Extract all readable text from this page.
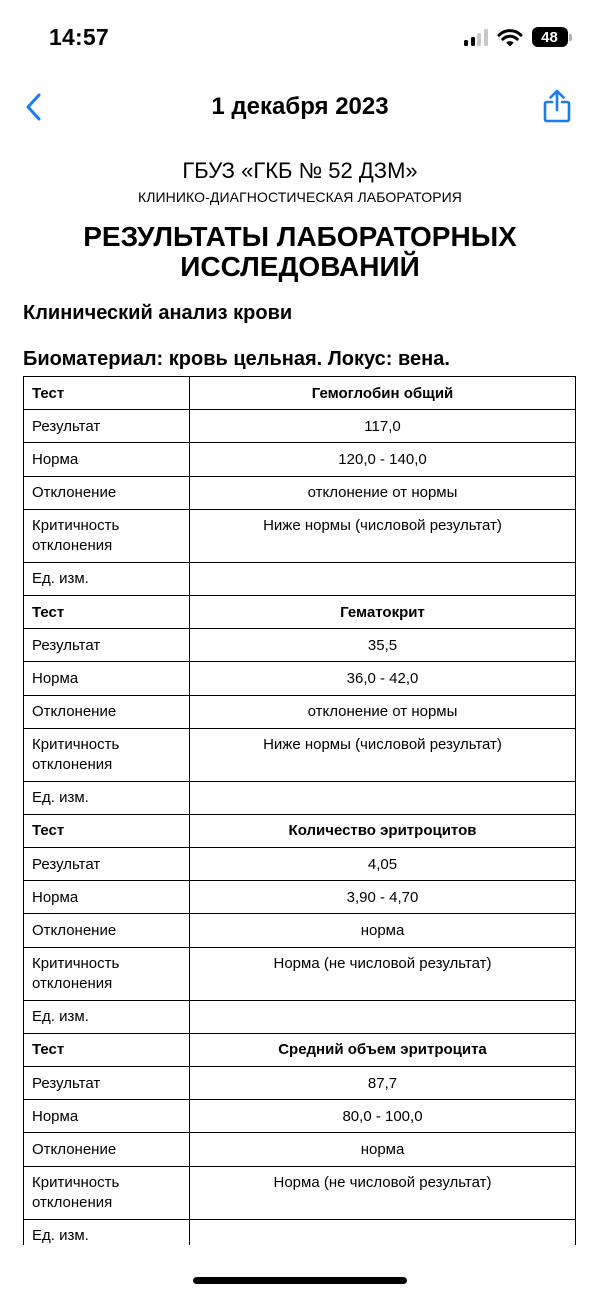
14:57	48
1 декабря 2023
ГБУЗ «ГКБ № 52 ДЗМ»
КЛИНИКО-ДИАГНОСТИЧЕСКАЯ ЛАБОРАТОРИЯ
РЕЗУЛЬТАТЫ ЛАБОРАТОРНЫХ ИССЛЕДОВАНИЙ
Клинический анализ крови
Биоматериал: кровь цельная. Локус: вена.
Тест	Гемоглобин общий
Результат	117,0
Норма	120,0 - 140,0
Отклонение	отклонение от нормы
Критичность отклонения	Ниже нормы (числовой результат)
Ед. изм.	
Тест	Гематокрит
Результат	35,5
Норма	36,0 - 42,0
Отклонение	отклонение от нормы
Критичность отклонения	Ниже нормы (числовой результат)
Ед. изм.	
Тест	Количество эритроцитов
Результат	4,05
Норма	3,90 - 4,70
Отклонение	норма
Критичность отклонения	Норма (не числовой результат)
Ед. изм.	
Тест	Средний объем эритроцита
Результат	87,7
Норма	80,0 - 100,0
Отклонение	норма
Критичность отклонения	Норма (не числовой результат)
Ед. изм.	
